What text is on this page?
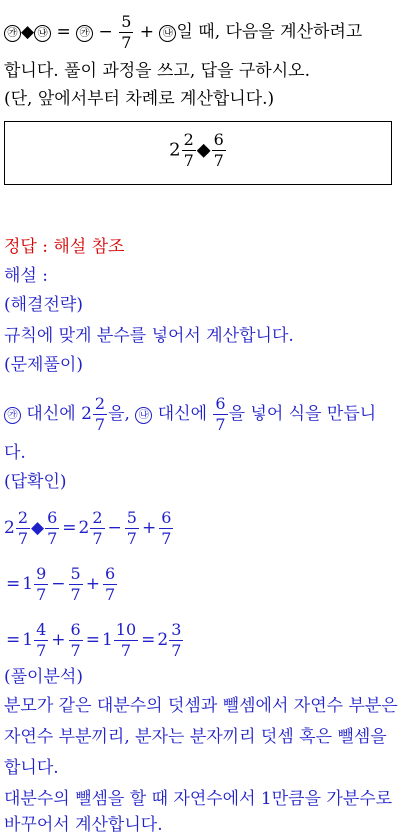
㉮ ◆ ㉯ = ㉮ − $\frac{5}{7}$ + ㉯ 일 때, 다음을 계산하려고
합니다. 풀이 과정을 쓰고, 답을 구하시오.
(단, 앞에서부터 차례로 계산합니다.)
$2 \frac{2}{7}$ ◆ $\frac{6}{7}$
정답 : 해설 참조
해설 :
(해결전략)
규칙에 맞게 분수를 넣어서 계산합니다.
(문제풀이)
㉮ 대신에 $2 \frac{2}{7}$ 을, ㉯ 대신에 $\frac{6}{7}$ 을 넣어 식을 만듭니
다.
(답확인)
$2 \frac{2}{7}$ ◆ $\frac{6}{7} = 2 \frac{2}{7} - \frac{5}{7} + \frac{6}{7}$
= $1 \frac{9}{7} - \frac{5}{7} + \frac{6}{7}$
= $1 \frac{4}{7} + \frac{6}{7} = 1 \frac{10}{7} = 2 \frac{3}{7}$
(풀이분석)
분모가 같은 대분수의 덧셈과 뺄셈에서 자연수 부분은
자연수 부분끼리, 분자는 분자끼리 덧셈 혹은 뺄셈을
합니다.
대분수의 뺄셈을 할 때 자연수에서 1만큼을 가분수로
바꾸어서 계산합니다.
